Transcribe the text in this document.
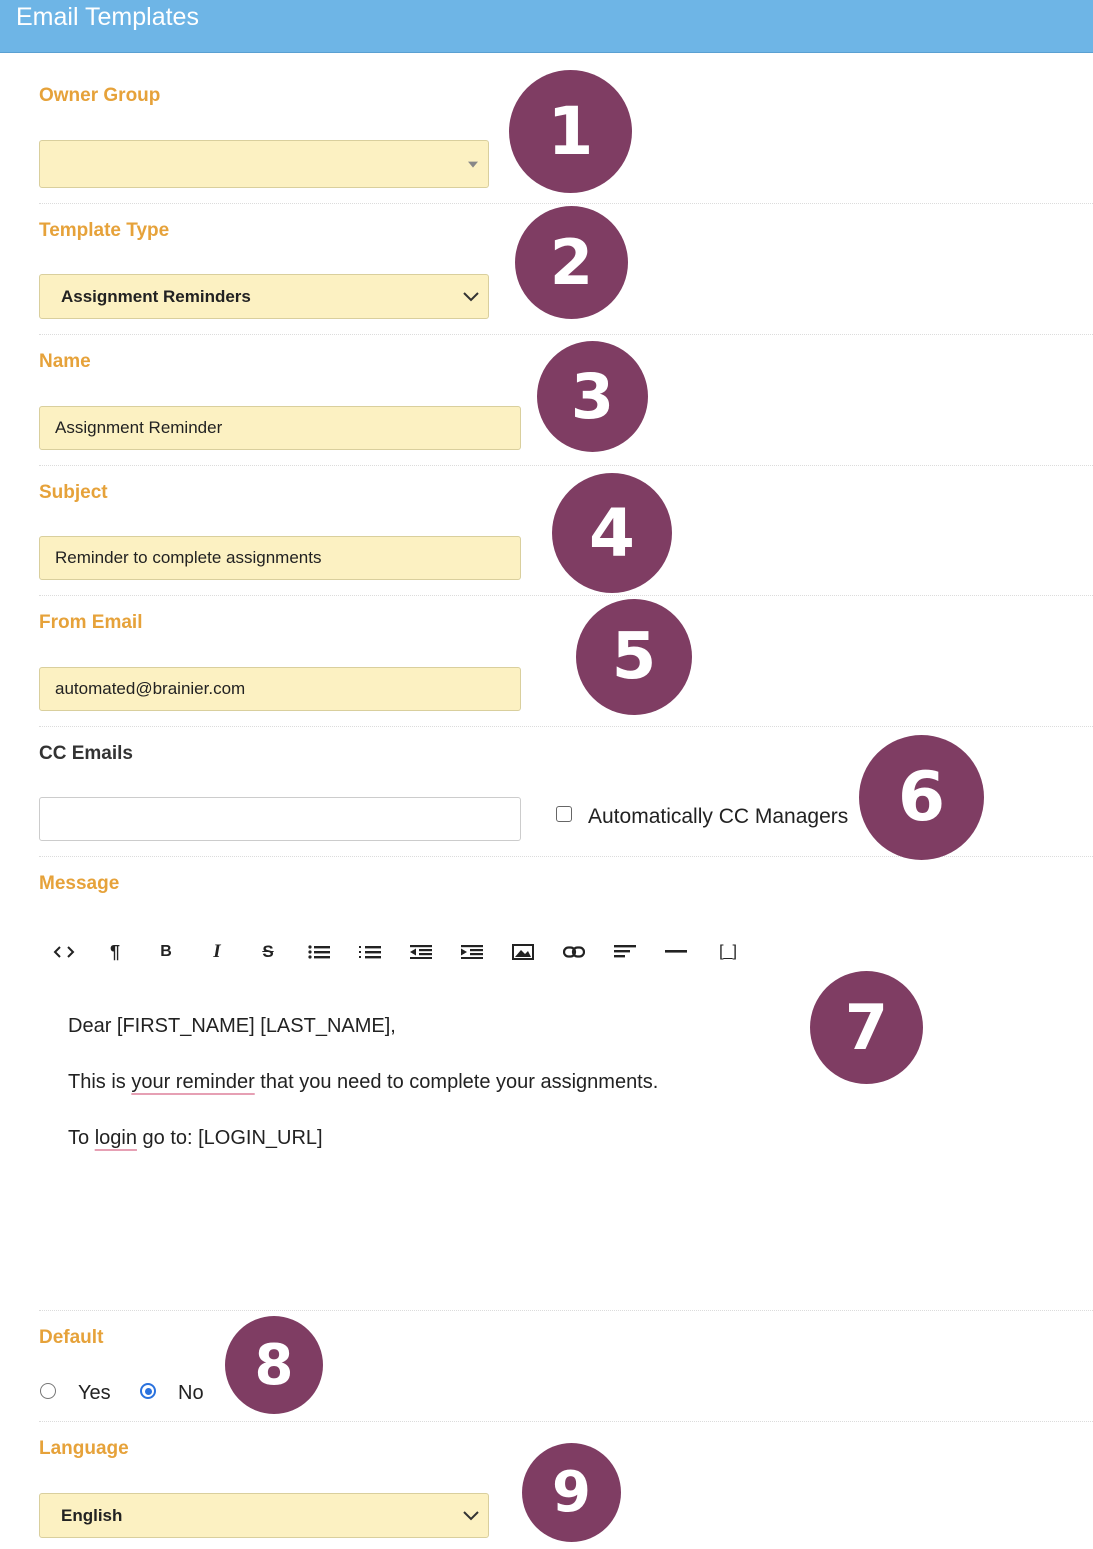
Email Templates
Owner Group
Template Type
Assignment Reminders
Name
Assignment Reminder
Subject
Reminder to complete assignments
From Email
automated@brainier.com
CC Emails
Automatically CC Managers
Message
¶	B	I	S	[_]
Dear [FIRST_NAME] [LAST_NAME],
This is your reminder that you need to complete your assignments.
To login go to: [LOGIN_URL]
Default
Yes	No
Language
English
1
2
3
4
5
6
7
8
9
